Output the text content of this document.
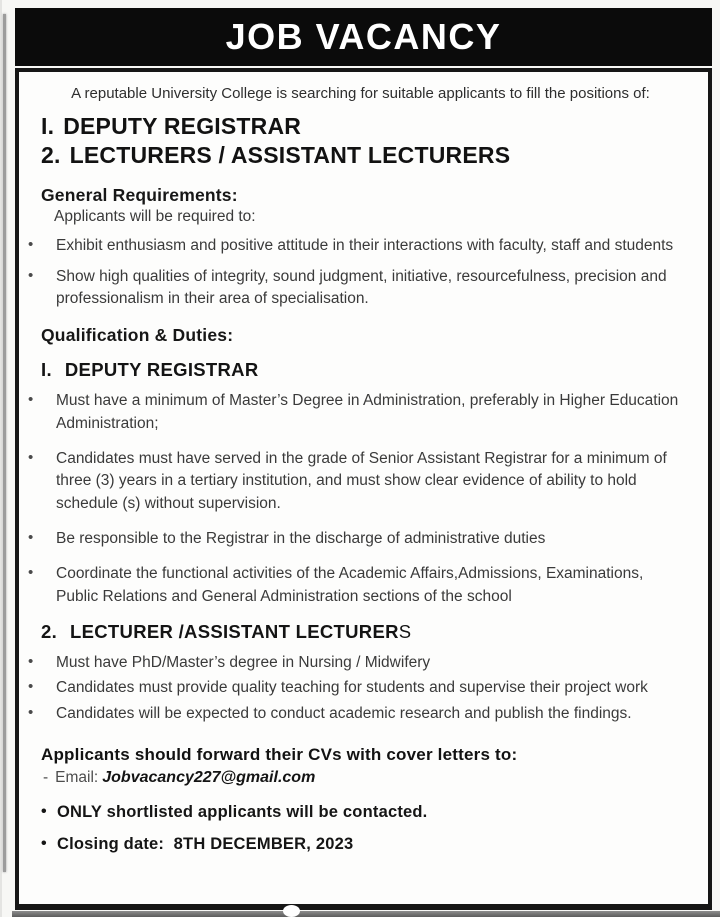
JOB VACANCY

A reputable University College is searching for suitable applicants to fill the positions of:

I. DEPUTY REGISTRAR
2. LECTURERS / ASSISTANT LECTURERS
General Requirements:

Applicants will be required to:

• Exhibit enthusiasm and positive attitude in their interactions with faculty, staff and students
• Show high qualities of integrity, sound judgment, initiative, resourcefulness, precision and professionalism in their area of specialisation.
Qualification & Duties:
I. DEPUTY REGISTRAR
• Must have a minimum of Master’s Degree in Administration, preferably in Higher Education Administration;
• Candidates must have served in the grade of Senior Assistant Registrar for a minimum of three (3) years in a tertiary institution, and must show clear evidence of ability to hold schedule (s) without supervision.
• Be responsible to the Registrar in the discharge of administrative duties
• Coordinate the functional activities of the Academic Affairs,Admissions, Examinations, Public Relations and General Administration sections of the school
2. LECTURER /ASSISTANT LECTURERS
• Must have PhD/Master’s degree in Nursing / Midwifery
• Candidates must provide quality teaching for students and supervise their project work
• Candidates will be expected to conduct academic research and publish the findings.

Applicants should forward their CVs with cover letters to:

- Email: Jobvacancy227@gmail.com

• ONLY shortlisted applicants will be contacted.
• Closing date:  8TH DECEMBER, 2023
